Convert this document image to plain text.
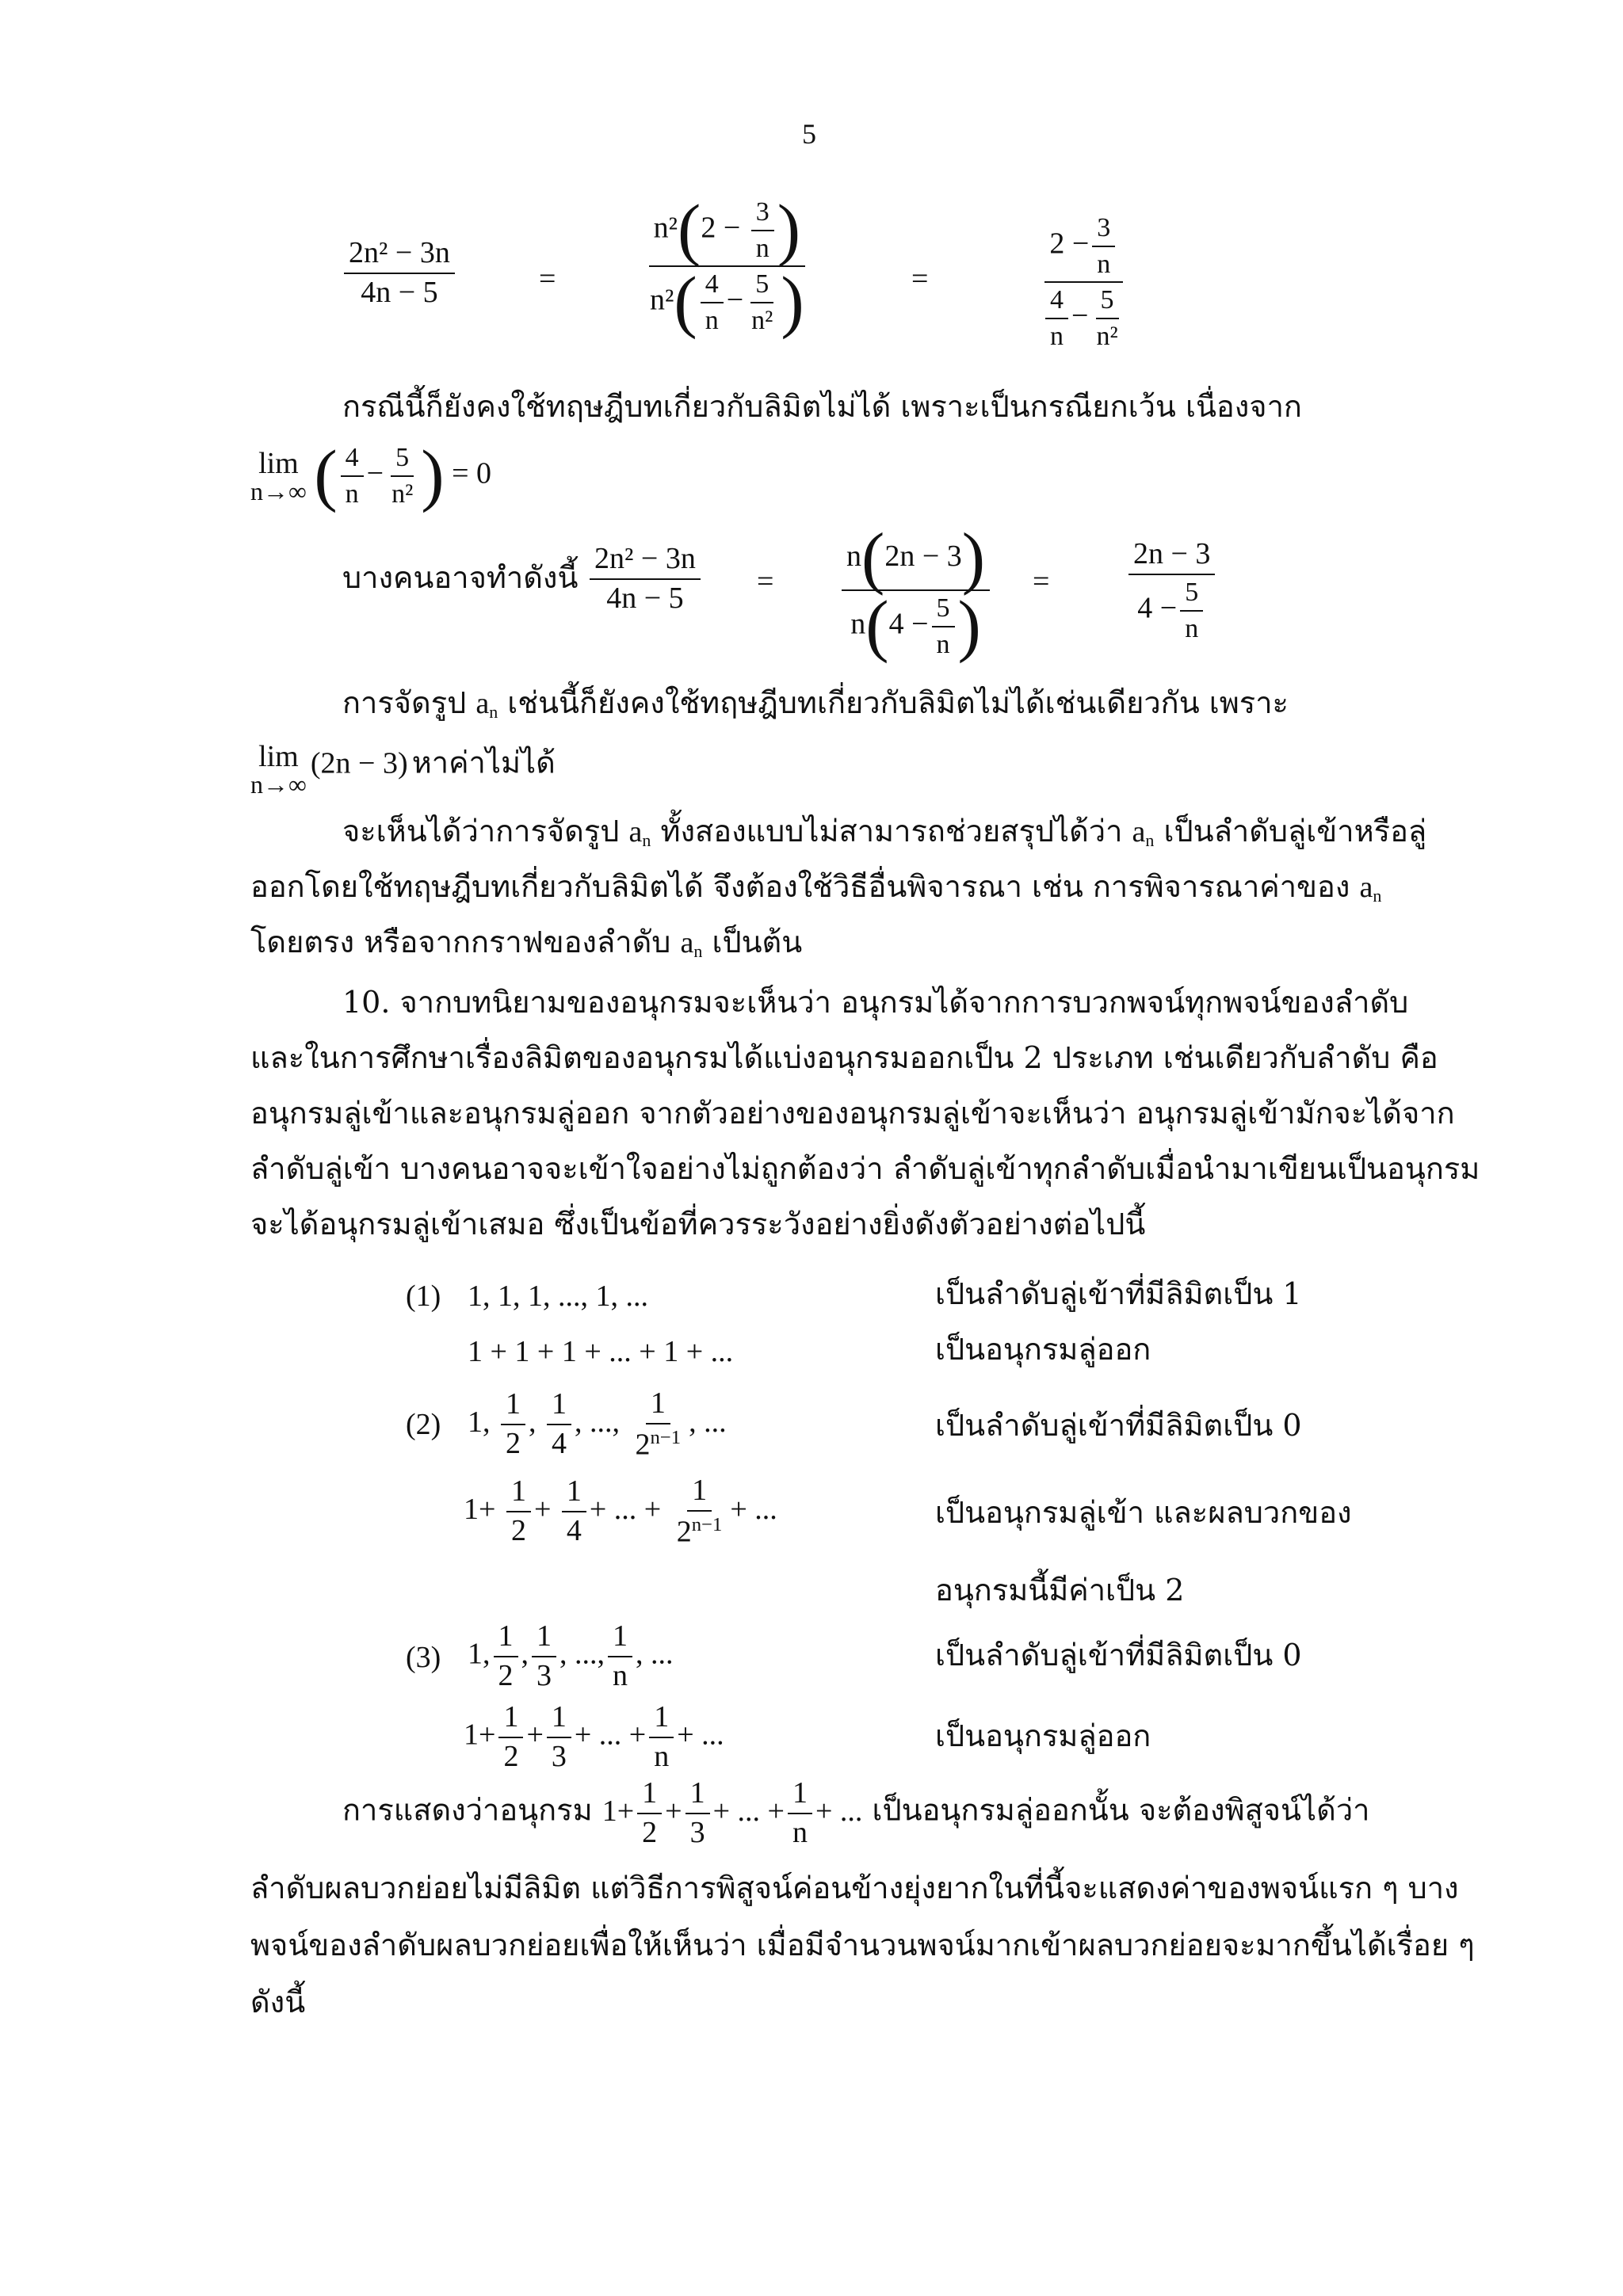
5
$\frac{\text{2n² − 3n}}{4n - 5}$	=	$\frac{n^2(2 - \frac{3}{n} )}{n^2( \frac{4}{n} - \frac{5}{\text{n²}} )}$	=	$\frac{2 - \frac{3}{n}}{\frac{4}{n} - \frac{5}{\text{n²}}}$
กรณีนี้ก็ยังคงใช้ทฤษฎีบทเกี่ยวกับลิมิตไม่ได้ เพราะเป็นกรณียกเว้น เนื่องจาก
lim
n→∞ ( $\frac{4}{n} - \frac{5}{\text{n²}}$ ) = 0
บางคนอาจทำดังนี้ $\frac{\text{2n² − 3n}}{4n - 5} = \frac{n(2n - 3)}{n(4 - \frac{5}{n} )}$ =	$\frac{2n - 3}{4 - \frac{5}{n}}$
การจัดรูป an เช่นนี้ก็ยังคงใช้ทฤษฎีบทเกี่ยวกับลิมิตไม่ได้เช่นเดียวกัน เพราะ
lim
n→∞
(2n − 3) หาค่าไม่ได้
จะเห็นได้ว่าการจัดรูป an ทั้งสองแบบไม่สามารถช่วยสรุปได้ว่า an เป็นลำดับลู่เข้าหรือลู่
ออกโดยใช้ทฤษฎีบทเกี่ยวกับลิมิตได้ จึงต้องใช้วิธีอื่นพิจารณา เช่น การพิจารณาค่าของ an
โดยตรง หรือจากกราฟของลำดับ an เป็นต้น
10. จากบทนิยามของอนุกรมจะเห็นว่า อนุกรมได้จากการบวกพจน์ทุกพจน์ของลำดับ
และในการศึกษาเรื่องลิมิตของอนุกรมได้แบ่งอนุกรมออกเป็น 2 ประเภท เช่นเดียวกับลำดับ คือ
อนุกรมลู่เข้าและอนุกรมลู่ออก จากตัวอย่างของอนุกรมลู่เข้าจะเห็นว่า อนุกรมลู่เข้ามักจะได้จาก
ลำดับลู่เข้า บางคนอาจจะเข้าใจอย่างไม่ถูกต้องว่า ลำดับลู่เข้าทุกลำดับเมื่อนำมาเขียนเป็นอนุกรม
จะได้อนุกรมลู่เข้าเสมอ ซึ่งเป็นข้อที่ควรระวังอย่างยิ่งดังตัวอย่างต่อไปนี้
(1) 1, 1, 1, ..., 1, ...	เป็นลำดับลู่เข้าที่มีลิมิตเป็น 1
1 + 1 + 1 + ... + 1 + ...	เป็นอนุกรมลู่ออก
(2) 1, $\frac{1}{2}$ , $\frac{1}{4}$ , ..., $\frac{1}{2^{n-1}}$ , ...	เป็นลำดับลู่เข้าที่มีลิมิตเป็น 0
$1+ \frac{1}{2} + \frac{1}{4}$ + ... + $\frac{1}{2^{n-1}}$ + ...	เป็นอนุกรมลู่เข้า และผลบวกของ
อนุกรมนี้มีค่าเป็น 2
(3) 1, $\frac{1}{2}$ , $\frac{1}{3}$ , ..., $\frac{1}{n}$ , ...	เป็นลำดับลู่เข้าที่มีลิมิตเป็น 0
$1+ \frac{1}{2} + \frac{1}{3}$ + ... + $\frac{1}{n}$ + ...	เป็นอนุกรมลู่ออก
การแสดงว่าอนุกรม $1+ \frac{1}{2} + \frac{1}{3}$ + ... + $\frac{1}{n}$ + ... เป็นอนุกรมลู่ออกนั้น จะต้องพิสูจน์ได้ว่า
ลำดับผลบวกย่อยไม่มีลิมิต แต่วิธีการพิสูจน์ค่อนข้างยุ่งยากในที่นี้จะแสดงค่าของพจน์แรก ๆ บาง
พจน์ของลำดับผลบวกย่อยเพื่อให้เห็นว่า เมื่อมีจำนวนพจน์มากเข้าผลบวกย่อยจะมากขึ้นได้เรื่อย ๆ
ดังนี้
